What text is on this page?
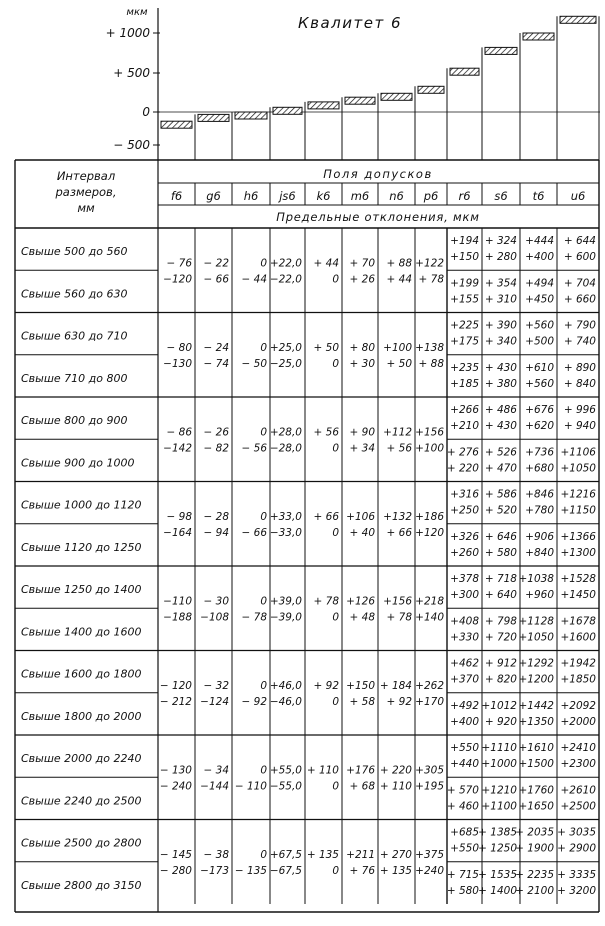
мкм
Квалитет 6
+ 1000
+ 500
0
− 500
Интервал
размеров,
мм
Поля допусков
Предельные отклонения, мкм
f6 g6 h6 js6 k6 m6 n6 p6 r6 s6 t6 u6
Свыше 500 до 560
Свыше 560 до 630
− 76
−120
− 22
− 66
0
− 44
+22,0
−22,0
+ 44
0
+ 70
+ 26
+ 88
+ 44
+122
+ 78
+194
+150
+ 324
+ 280
+444
+400
+ 644
+ 600
+199
+155
+ 354
+ 310
+494
+450
+ 704
+ 660
Свыше 630 до 710
Свыше 710 до 800
− 80
−130
− 24
− 74
0
− 50
+25,0
−25,0
+ 50
0
+ 80
+ 30
+100
+ 50
+138
+ 88
+225
+175
+ 390
+ 340
+560
+500
+ 790
+ 740
+235
+185
+ 430
+ 380
+610
+560
+ 890
+ 840
Свыше 800 до 900
Свыше 900 до 1000
− 86
−142
− 26
− 82
0
− 56
+28,0
−28,0
+ 56
0
+ 90
+ 34
+112
+ 56
+156
+100
+266
+210
+ 486
+ 430
+676
+620
+ 996
+ 940
+ 276
+ 220
+ 526
+ 470
+736
+680
+1106
+1050
Свыше 1000 до 1120
Свыше 1120 до 1250
− 98
−164
− 28
− 94
0
− 66
+33,0
−33,0
+ 66
0
+106
+ 40
+132
+ 66
+186
+120
+316
+250
+ 586
+ 520
+846
+780
+1216
+1150
+326
+260
+ 646
+ 580
+906
+840
+1366
+1300
Свыше 1250 до 1400
Свыше 1400 до 1600
−110
−188
− 30
−108
0
− 78
+39,0
−39,0
+ 78
0
+126
+ 48
+156
+ 78
+218
+140
+378
+300
+ 718
+ 640
+1038
+960
+1528
+1450
+408
+330
+ 798
+ 720
+1128
+1050
+1678
+1600
Свыше 1600 до 1800
Свыше 1800 до 2000
− 120
− 212
− 32
−124
0
− 92
+46,0
−46,0
+ 92
0
+150
+ 58
+ 184
+ 92
+262
+170
+462
+370
+ 912
+ 820
+1292
+1200
+1942
+1850
+492
+400
+1012
+ 920
+1442
+1350
+2092
+2000
Свыше 2000 до 2240
Свыше 2240 до 2500
− 130
− 240
− 34
−144
0
− 110
+55,0
−55,0
+ 110
0
+176
+ 68
+ 220
+ 110
+305
+195
+550
+440
+1110
+1000
+1610
+1500
+2410
+2300
+ 570
+ 460
+1210
+1100
+1760
+1650
+2610
+2500
Свыше 2500 до 2800
Свыше 2800 до 3150
− 145
− 280
− 38
−173
0
− 135
+67,5
−67,5
+ 135
0
+211
+ 76
+ 270
+ 135
+375
+240
+685
+550
+ 1385
+ 1250
+ 2035
+ 1900
+ 3035
+ 2900
+ 715
+ 580
+ 1535
+ 1400
+ 2235
+ 2100
+ 3335
+ 3200
